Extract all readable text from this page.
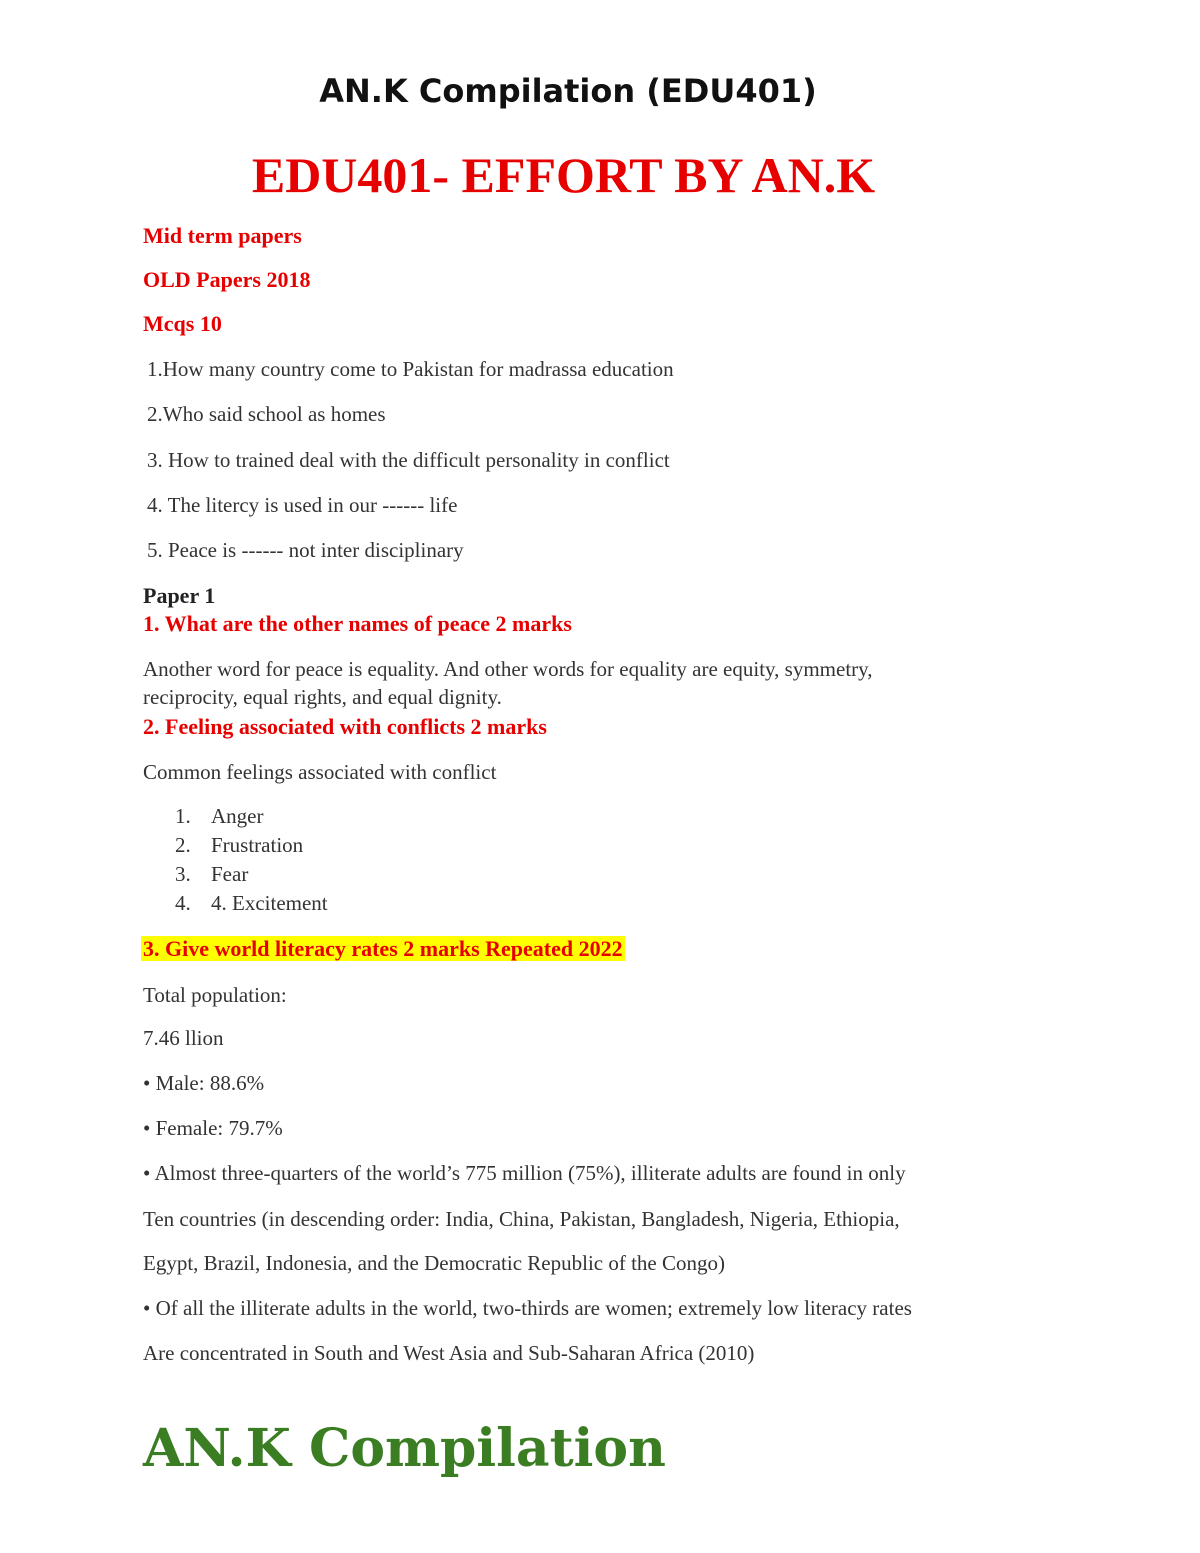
AN.K Compilation (EDU401)
EDU401- EFFORT BY AN.K
Mid term papers
OLD Papers 2018
Mcqs 10
1.How many country come to Pakistan for madrassa education
2.Who said school as homes
3. How to trained deal with the difficult personality in conflict
4. The litercy is used in our ------ life
5. Peace is ------ not inter disciplinary
Paper 1
1. What are the other names of peace 2 marks
Another word for peace is equality. And other words for equality are equity, symmetry,
reciprocity, equal rights, and equal dignity.
2. Feeling associated with conflicts 2 marks
Common feelings associated with conflict
1. Anger
2. Frustration
3. Fear
4. 4. Excitement
3. Give world literacy rates 2 marks Repeated 2022
Total population:
7.46 llion
• Male: 88.6%
• Female: 79.7%
• Almost three-quarters of the world’s 775 million (75%), illiterate adults are found in only
Ten countries (in descending order: India, China, Pakistan, Bangladesh, Nigeria, Ethiopia,
Egypt, Brazil, Indonesia, and the Democratic Republic of the Congo)
• Of all the illiterate adults in the world, two-thirds are women; extremely low literacy rates
Are concentrated in South and West Asia and Sub-Saharan Africa (2010)
AN.K Compilation
